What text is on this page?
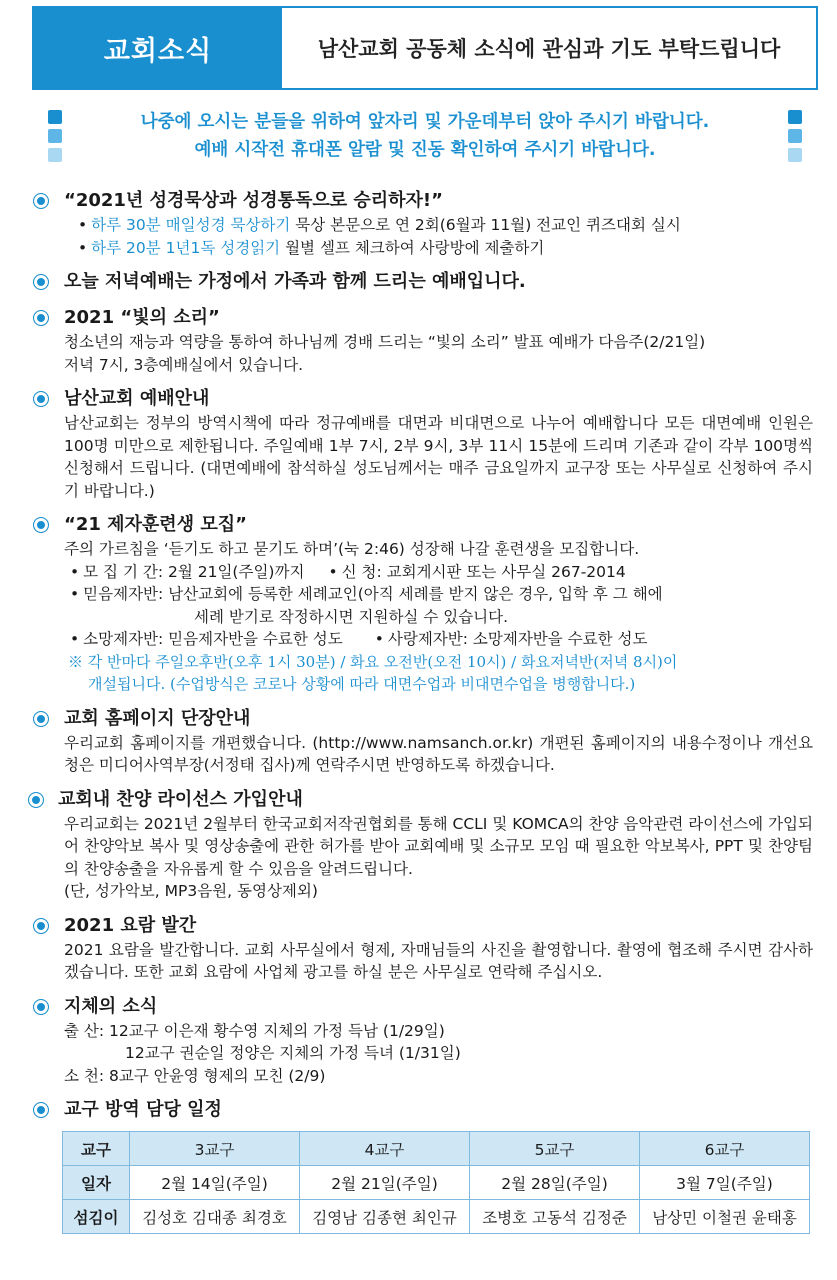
교회소식	남산교회 공동체 소식에 관심과 기도 부탁드립니다
나중에 오시는 분들을 위하여 앞자리 및 가운데부터 앉아 주시기 바랍니다.
예배 시작전 휴대폰 알람 및 진동 확인하여 주시기 바랍니다.
“2021년 성경묵상과 성경통독으로 승리하자!”
• 하루 30분 매일성경 묵상하기 묵상 본문으로 연 2회(6월과 11월) 전교인 퀴즈대회 실시
• 하루 20분 1년1독 성경읽기 월별 셀프 체크하여 사랑방에 제출하기
오늘 저녁예배는 가정에서 가족과 함께 드리는 예배입니다.
2021 “빛의 소리”
청소년의 재능과 역량을 통하여 하나님께 경배 드리는 “빛의 소리” 발표 예배가 다음주(2/21일)
저녁 7시, 3층예배실에서 있습니다.
남산교회 예배안내
남산교회는 정부의 방역시책에 따라 정규예배를 대면과 비대면으로 나누어 예배합니다 모든 대면예배 인원은 100명 미만으로 제한됩니다. 주일예배 1부 7시, 2부 9시, 3부 11시 15분에 드리며 기존과 같이 각부 100명씩 신청해서 드립니다. (대면예배에 참석하실 성도님께서는 매주 금요일까지 교구장 또는 사무실로 신청하여 주시기 바랍니다.)
“21 제자훈련생 모집”
주의 가르침을 ‘듣기도 하고 묻기도 하며’(눅 2:46) 성장해 나갈 훈련생을 모집합니다.
• 모 집 기 간: 2월 21일(주일)까지 • 신 청: 교회게시판 또는 사무실 267-2014
• 믿음제자반: 남산교회에 등록한 세례교인(아직 세례를 받지 않은 경우, 입학 후 그 해에
세례 받기로 작정하시면 지원하실 수 있습니다.
• 소망제자반: 믿음제자반을 수료한 성도 • 사랑제자반: 소망제자반을 수료한 성도
※ 각 반마다 주일오후반(오후 1시 30분) / 화요 오전반(오전 10시) / 화요저녁반(저녁 8시)이
개설됩니다. (수업방식은 코로나 상황에 따라 대면수업과 비대면수업을 병행합니다.)
교회 홈페이지 단장안내
우리교회 홈페이지를 개편했습니다. (http://www.namsanch.or.kr) 개편된 홈페이지의 내용수정이나 개선요청은 미디어사역부장(서정태 집사)께 연락주시면 반영하도록 하겠습니다.
교회내 찬양 라이선스 가입안내
우리교회는 2021년 2월부터 한국교회저작권협회를 통해 CCLI 및 KOMCA의 찬양 음악관련 라이선스에 가입되어 찬양악보 복사 및 영상송출에 관한 허가를 받아 교회예배 및 소규모 모임 때 필요한 악보복사, PPT 및 찬양팀의 찬양송출을 자유롭게 할 수 있음을 알려드립니다.
(단, 성가악보, MP3음원, 동영상제외)
2021 요람 발간
2021 요람을 발간합니다. 교회 사무실에서 형제, 자매님들의 사진을 촬영합니다. 촬영에 협조해 주시면 감사하겠습니다. 또한 교회 요람에 사업체 광고를 하실 분은 사무실로 연락해 주십시오.
지체의 소식
출 산: 12교구 이은재 황수영 지체의 가정 득남 (1/29일)
12교구 권순일 정양은 지체의 가정 득녀 (1/31일)
소 천: 8교구 안윤영 형제의 모친 (2/9)
교구 방역 담당 일정
교구	3교구	4교구	5교구	6교구
일자	2월 14일(주일)	2월 21일(주일)	2월 28일(주일)	3월 7일(주일)
섬김이	김성호 김대종 최경호	김영남 김종현 최인규	조병호 고동석 김정준	남상민 이철권 윤태홍
